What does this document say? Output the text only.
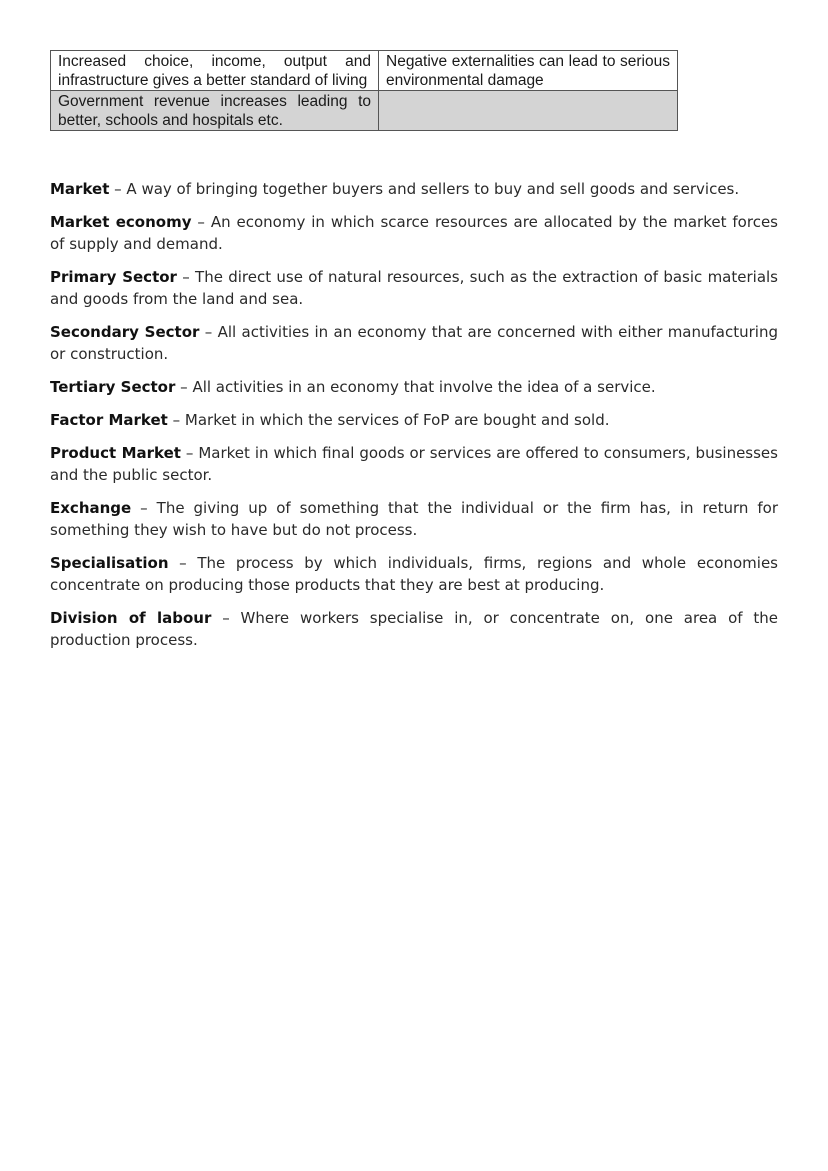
Increased choice, income, output and infrastructure gives a better standard of living	Negative externalities can lead to serious environmental damage
Government revenue increases leading to better, schools and hospitals etc.	

Market – A way of bringing together buyers and sellers to buy and sell goods and services.

Market economy – An economy in which scarce resources are allocated by the market forces of supply and demand.

Primary Sector – The direct use of natural resources, such as the extraction of basic materials and goods from the land and sea.

Secondary Sector – All activities in an economy that are concerned with either manufacturing or construction.

Tertiary Sector – All activities in an economy that involve the idea of a service.

Factor Market – Market in which the services of FoP are bought and sold.

Product Market – Market in which final goods or services are offered to consumers, businesses and the public sector.

Exchange – The giving up of something that the individual or the firm has, in return for something they wish to have but do not process.

Specialisation – The process by which individuals, firms, regions and whole economies concentrate on producing those products that they are best at producing.

Division of labour – Where workers specialise in, or concentrate on, one area of the production process.
